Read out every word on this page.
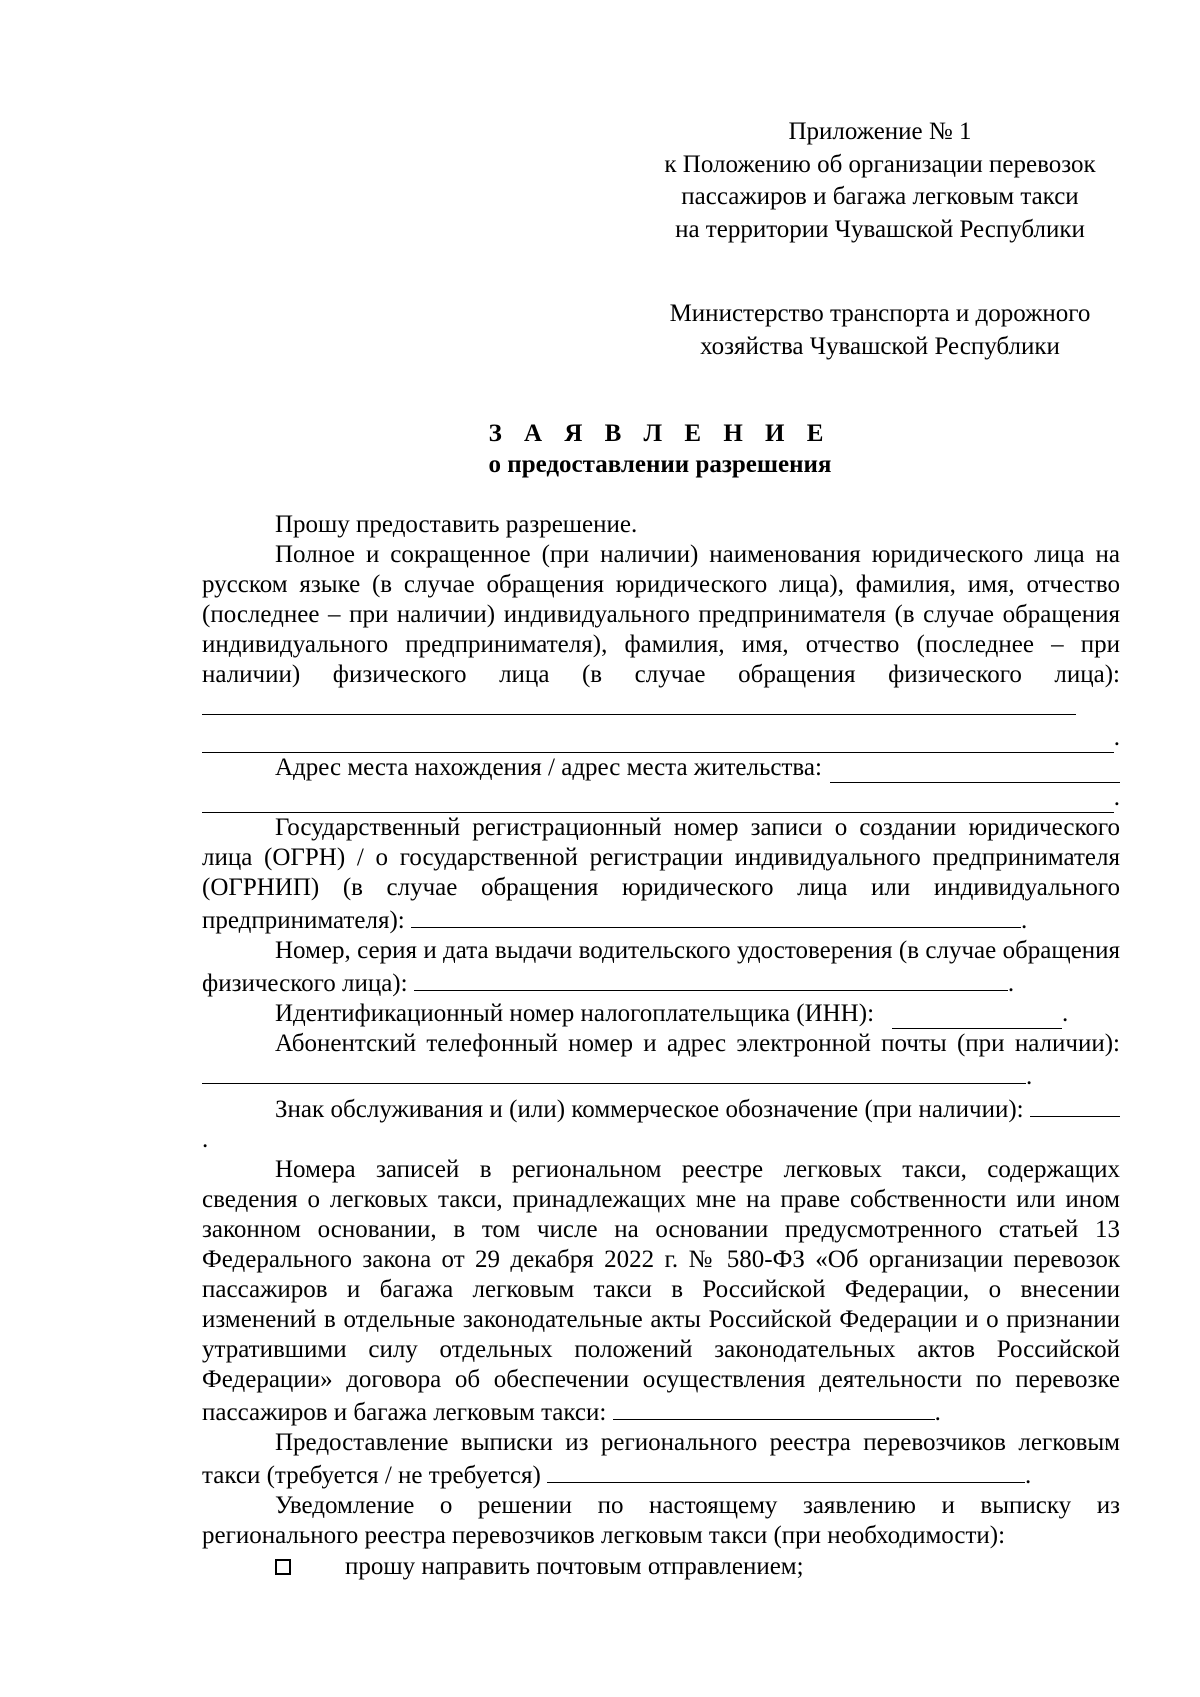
Приложение № 1
к Положению об организации перевозок
пассажиров и багажа легковым такси
на территории Чувашской Республики
Министерство транспорта и дорожного
хозяйства Чувашской Республики
З А Я В Л Е Н И Е
о предоставлении разрешения

Прошу предоставить разрешение.

Полное и сокращенное (при наличии) наименования юридического лица на русском языке (в случае обращения юридического лица), фамилия, имя, отчество (последнее – при наличии) индивидуального предпринимателя (в случае обращения индивидуального предпринимателя), фамилия, имя, отчество (последнее – при наличии) физического лица (в случае обращения физического лица):

.
Адрес места нахождения / адрес места жительства:
.

Государственный регистрационный номер записи о создании юридического лица (ОГРН) / о государственной регистрации индивидуального предпринимателя (ОГРНИП) (в случае обращения юридического лица или индивидуального предпринимателя):	.

Номер, серия и дата выдачи водительского удостоверения (в случае обращения физического лица):	.

Идентификационный номер налогоплательщика (ИНН):	.

Абонентский телефонный номер и адрес электронной почты (при наличии): .

Знак обслуживания и (или) коммерческое обозначение (при наличии): .

Номера записей в региональном реестре легковых такси, содержащих сведения о легковых такси, принадлежащих мне на праве собственности или ином законном основании, в том числе на основании предусмотренного статьей 13 Федерального закона от 29 декабря 2022 г. № 580-ФЗ «Об организации перевозок пассажиров и багажа легковым такси в Российской Федерации, о внесении изменений в отдельные законодательные акты Российской Федерации и о признании утратившими силу отдельных положений законодательных актов Российской Федерации» договора об обеспечении осуществления деятельности по перевозке пассажиров и багажа легковым такси:	.

Предоставление выписки из регионального реестра перевозчиков легковым такси (требуется / не требуется)	.

Уведомление о решении по настоящему заявлению и выписку из регионального реестра перевозчиков легковым такси (при необходимости):

прошу направить почтовым отправлением;
